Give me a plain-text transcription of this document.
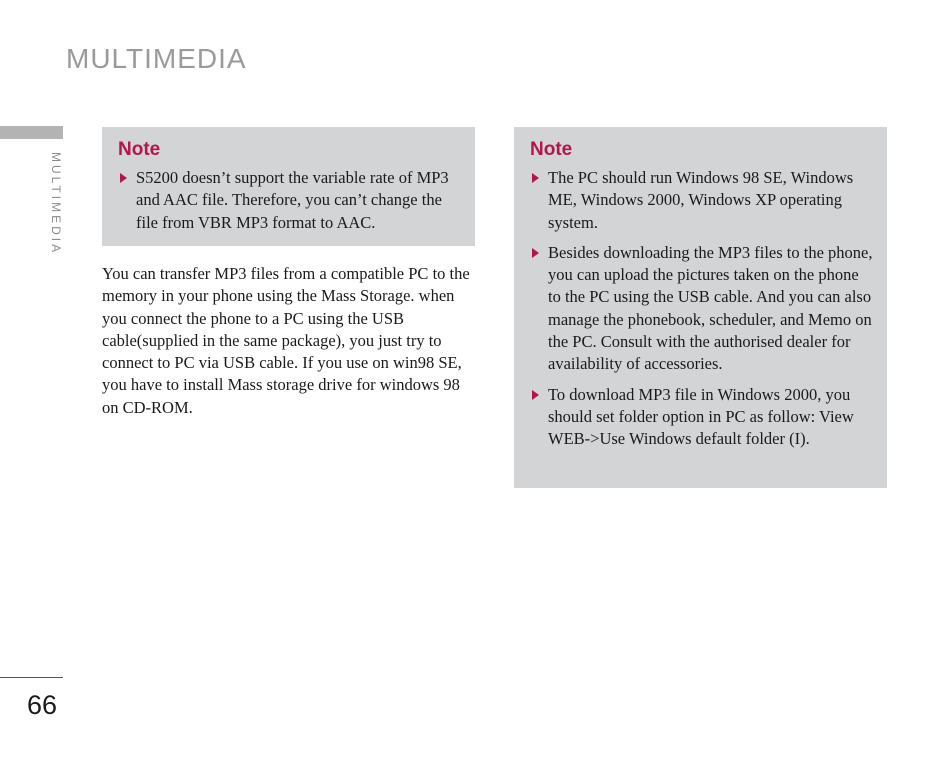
MULTIMEDIA
MULTIMEDIA
Note
S5200 doesn’t support the variable rate of MP3 and AAC file. Therefore, you can’t change the file from VBR MP3 format to AAC.

You can transfer MP3 files from a compatible PC to the memory in your phone using the Mass Storage. when you connect the phone to a PC using the USB cable(supplied in the same package), you just try to connect to PC via USB cable. If you use on win98 SE, you have to install Mass storage drive for windows 98 on CD-ROM.

Note
The PC should run Windows 98 SE, Windows ME, Windows 2000, Windows XP operating system.
Besides downloading the MP3 files to the phone, you can upload the pictures taken on the phone to the PC using the USB cable. And you can also manage the phonebook, scheduler, and Memo on the PC. Consult with the authorised dealer for availability of accessories.
To download MP3 file in Windows 2000, you should set folder option in PC as follow: View WEB->Use Windows default folder (I).
66
